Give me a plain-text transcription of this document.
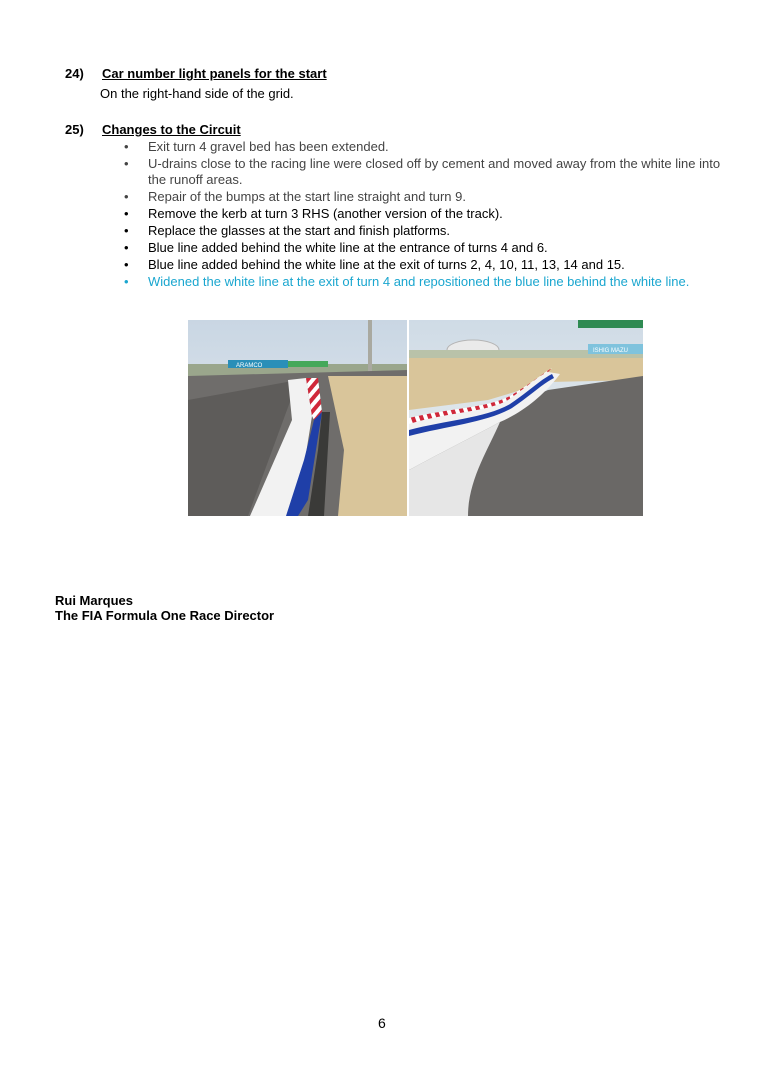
24) Car number light panels for the start
On the right-hand side of the grid.
25) Changes to the Circuit
• Exit turn 4 gravel bed has been extended.
• U-drains close to the racing line were closed off by cement and moved away from the white line into the runoff areas.
• Repair of the bumps at the start line straight and turn 9.
• Remove the kerb at turn 3 RHS (another version of the track).
• Replace the glasses at the start and finish platforms.
• Blue line added behind the white line at the entrance of turns 4 and 6.
• Blue line added behind the white line at the exit of turns 2, 4, 10, 11, 13, 14 and 15.
• Widened the white line at the exit of turn 4 and repositioned the blue line behind the white line.
ARAMCO
ISHIG MAZU
Rui Marques
The FIA Formula One Race Director
6
